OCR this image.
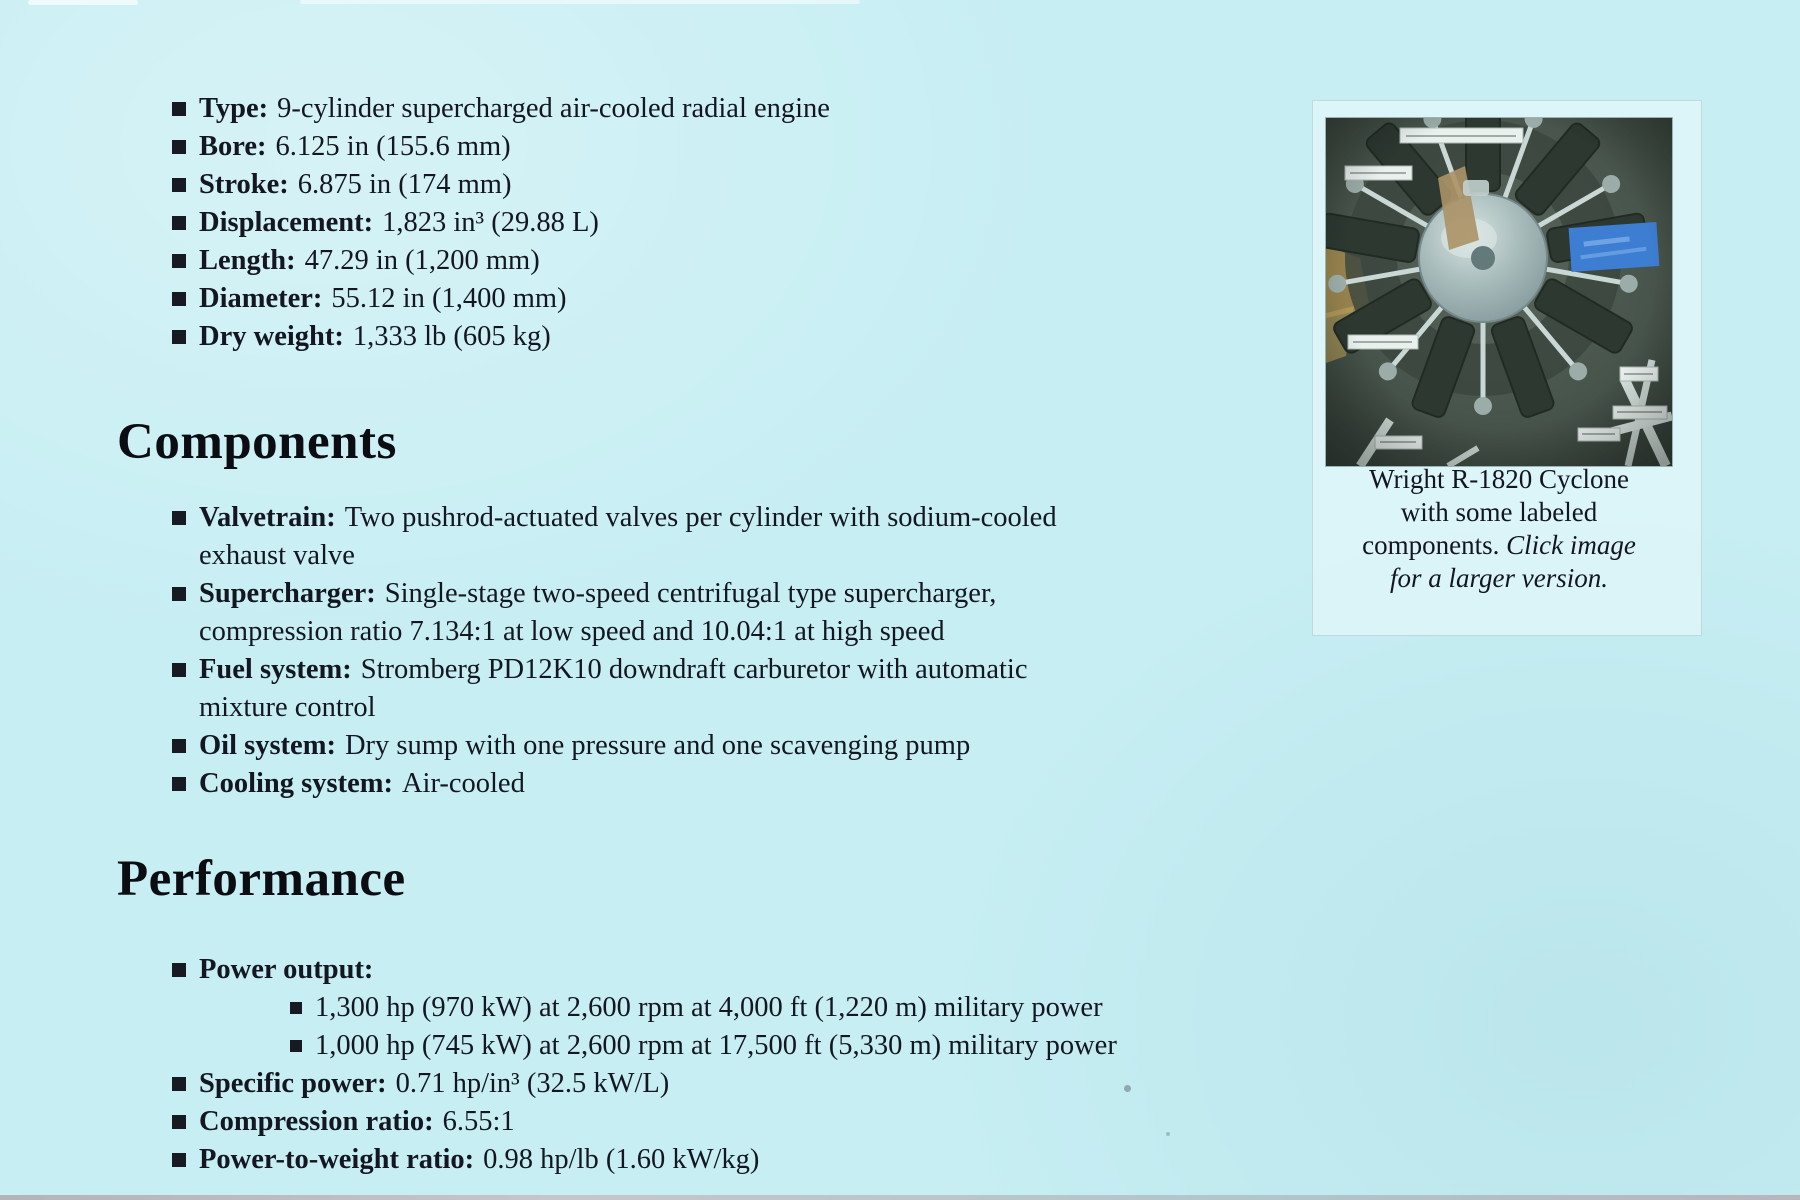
Type: 9-cylinder supercharged air-cooled radial engine

Bore: 6.125 in (155.6 mm)

Stroke: 6.875 in (174 mm)

Displacement: 1,823 in³ (29.88 L)

Length: 47.29 in (1,200 mm)

Diameter: 55.12 in (1,400 mm)

Dry weight: 1,333 lb (605 kg)

Components

Valvetrain: Two pushrod-actuated valves per cylinder with sodium-cooled exhaust valve

Supercharger: Single-stage two-speed centrifugal type supercharger, compression ratio 7.134:1 at low speed and 10.04:1 at high speed

Fuel system: Stromberg PD12K10 downdraft carburetor with automatic mixture control

Oil system: Dry sump with one pressure and one scavenging pump

Cooling system: Air-cooled

Performance

Power output:

1,300 hp (970 kW) at 2,600 rpm at 4,000 ft (1,220 m) military power

1,000 hp (745 kW) at 2,600 rpm at 17,500 ft (5,330 m) military power

Specific power: 0.71 hp/in³ (32.5 kW/L)

Compression ratio: 6.55:1

Power-to-weight ratio: 0.98 hp/lb (1.60 kW/kg)

Wright R-1820 Cyclone
with some labeled
components. Click image
for a larger version.
